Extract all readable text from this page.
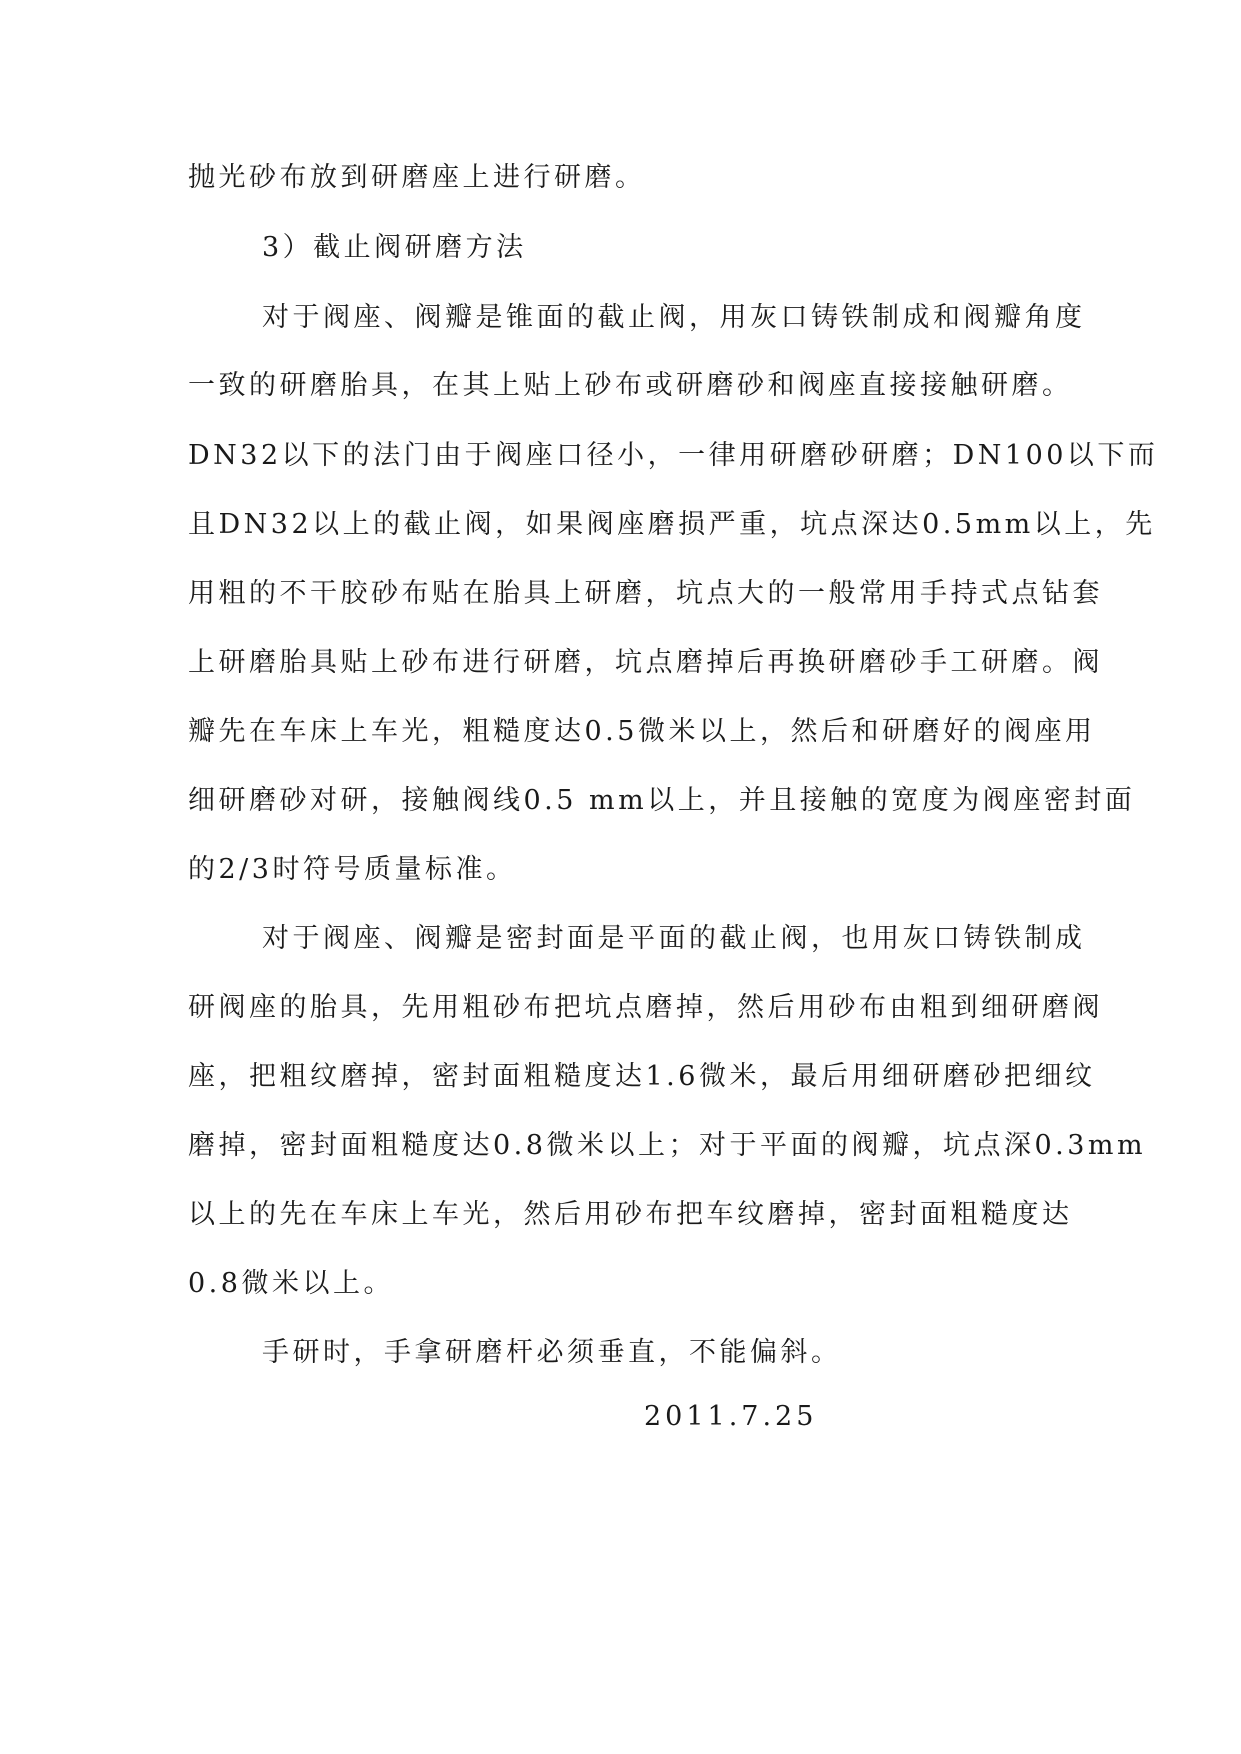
抛光砂布放到研磨座上进行研磨。
3）截止阀研磨方法
对于阀座、阀瓣是锥面的截止阀，用灰口铸铁制成和阀瓣角度
一致的研磨胎具，在其上贴上砂布或研磨砂和阀座直接接触研磨。
DN32以下的法门由于阀座口径小，一律用研磨砂研磨；DN100以下而
且DN32以上的截止阀，如果阀座磨损严重，坑点深达0.5mm以上，先
用粗的不干胶砂布贴在胎具上研磨，坑点大的一般常用手持式点钻套
上研磨胎具贴上砂布进行研磨，坑点磨掉后再换研磨砂手工研磨。阀
瓣先在车床上车光，粗糙度达0.5微米以上，然后和研磨好的阀座用
细研磨砂对研，接触阀线0.5 mm以上，并且接触的宽度为阀座密封面
的2/3时符号质量标准。
对于阀座、阀瓣是密封面是平面的截止阀，也用灰口铸铁制成
研阀座的胎具，先用粗砂布把坑点磨掉，然后用砂布由粗到细研磨阀
座，把粗纹磨掉，密封面粗糙度达1.6微米，最后用细研磨砂把细纹
磨掉，密封面粗糙度达0.8微米以上；对于平面的阀瓣，坑点深0.3mm
以上的先在车床上车光，然后用砂布把车纹磨掉，密封面粗糙度达
0.8微米以上。
手研时，手拿研磨杆必须垂直，不能偏斜。
2011.7.25
